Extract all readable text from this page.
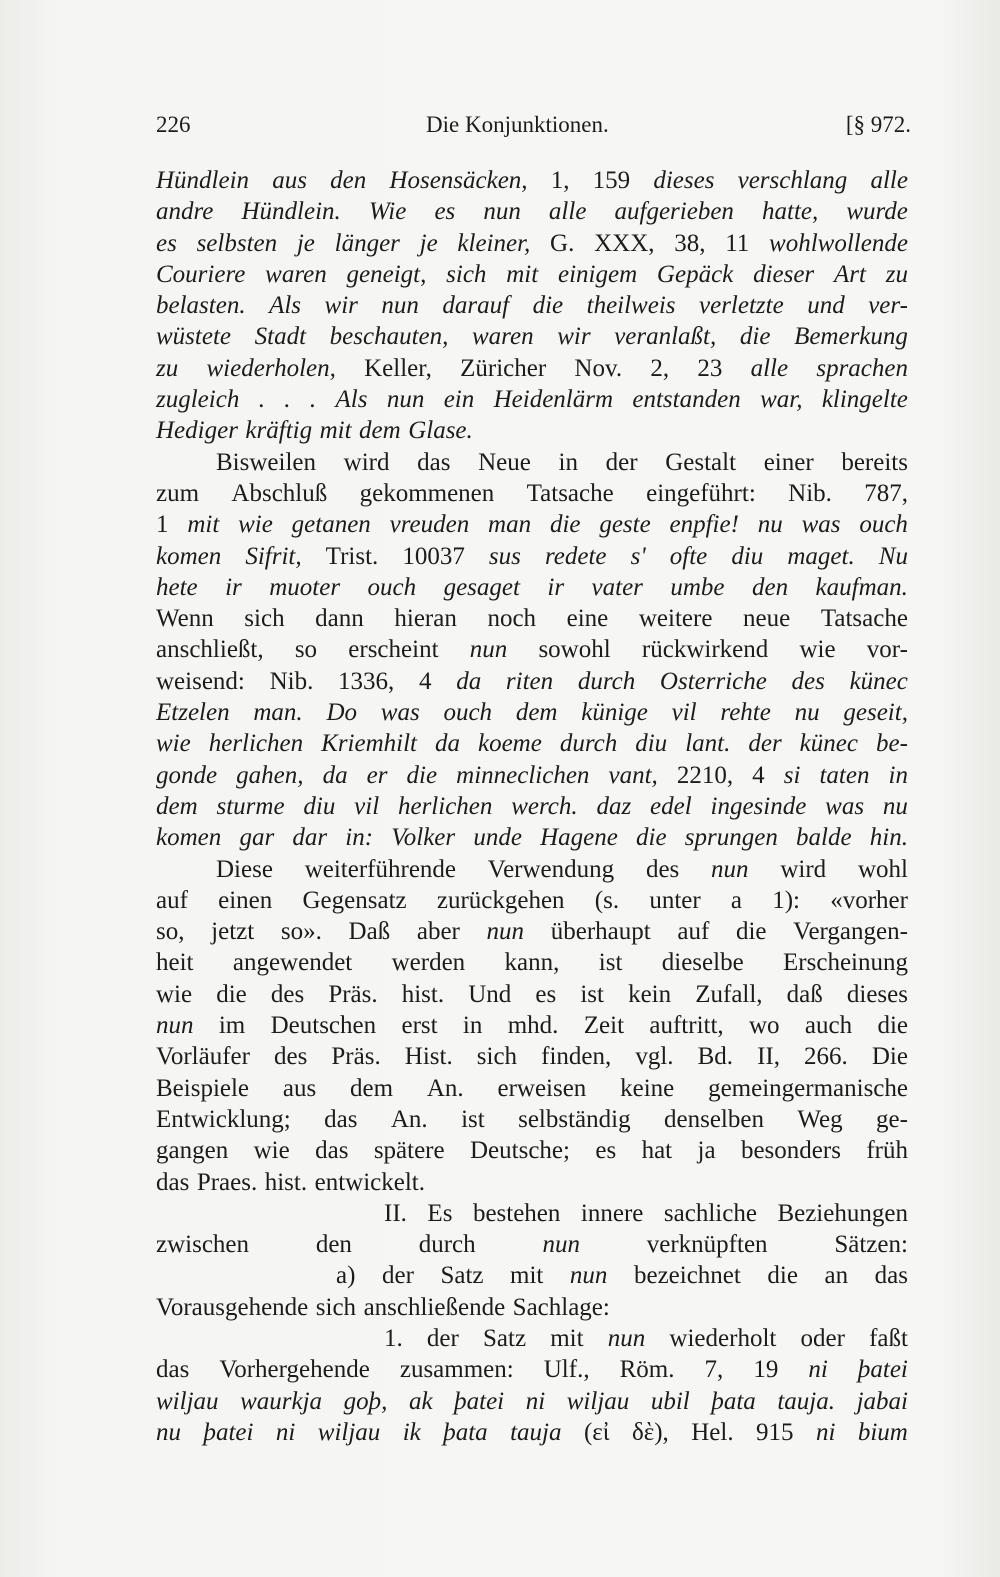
226	Die Konjunktionen.	[§ 972.
Hündlein aus den Hosensäcken, 1, 159 dieses verschlang alle
andre Hündlein. Wie es nun alle aufgerieben hatte, wurde
es selbsten je länger je kleiner, G. XXX, 38, 11 wohlwollende
Couriere waren geneigt, sich mit einigem Gepäck dieser Art zu
belasten. Als wir nun darauf die theilweis verletzte und ver-
wüstete Stadt beschauten, waren wir veranlaßt, die Bemerkung
zu wiederholen, Keller, Züricher Nov. 2, 23 alle sprachen
zugleich . . . Als nun ein Heidenlärm entstanden war, klingelte
Hediger kräftig mit dem Glase.
Bisweilen wird das Neue in der Gestalt einer bereits
zum Abschluß gekommenen Tatsache eingeführt: Nib. 787,
1 mit wie getanen vreuden man die geste enpfie! nu was ouch
komen Sifrit, Trist. 10037 sus redete s' ofte diu maget. Nu
hete ir muoter ouch gesaget ir vater umbe den kaufman.
Wenn sich dann hieran noch eine weitere neue Tatsache
anschließt, so erscheint nun sowohl rückwirkend wie vor-
weisend: Nib. 1336, 4 da riten durch Osterriche des künec
Etzelen man. Do was ouch dem künige vil rehte nu geseit,
wie herlichen Kriemhilt da koeme durch diu lant. der künec be-
gonde gahen, da er die minneclichen vant, 2210, 4 si taten in
dem sturme diu vil herlichen werch. daz edel ingesinde was nu
komen gar dar in: Volker unde Hagene die sprungen balde hin.
Diese weiterführende Verwendung des nun wird wohl
auf einen Gegensatz zurückgehen (s. unter a 1): «vorher
so, jetzt so». Daß aber nun überhaupt auf die Vergangen-
heit angewendet werden kann, ist dieselbe Erscheinung
wie die des Präs. hist. Und es ist kein Zufall, daß dieses
nun im Deutschen erst in mhd. Zeit auftritt, wo auch die
Vorläufer des Präs. Hist. sich finden, vgl. Bd. II, 266. Die
Beispiele aus dem An. erweisen keine gemeingermanische
Entwicklung; das An. ist selbständig denselben Weg ge-
gangen wie das spätere Deutsche; es hat ja besonders früh
das Praes. hist. entwickelt.
II. Es bestehen innere sachliche Beziehungen
zwischen	den	durch	nun	verknüpften	Sätzen:
a) der Satz mit nun bezeichnet die an das
Vorausgehende sich anschließende Sachlage:
1. der Satz mit nun wiederholt oder faßt
das Vorhergehende zusammen: Ulf., Röm. 7, 19 ni þatei
wiljau waurkja goþ, ak þatei ni wiljau ubil þata tauja. jabai
nu þatei ni wiljau ik þata tauja (εἰ δὲ), Hel. 915 ni bium
